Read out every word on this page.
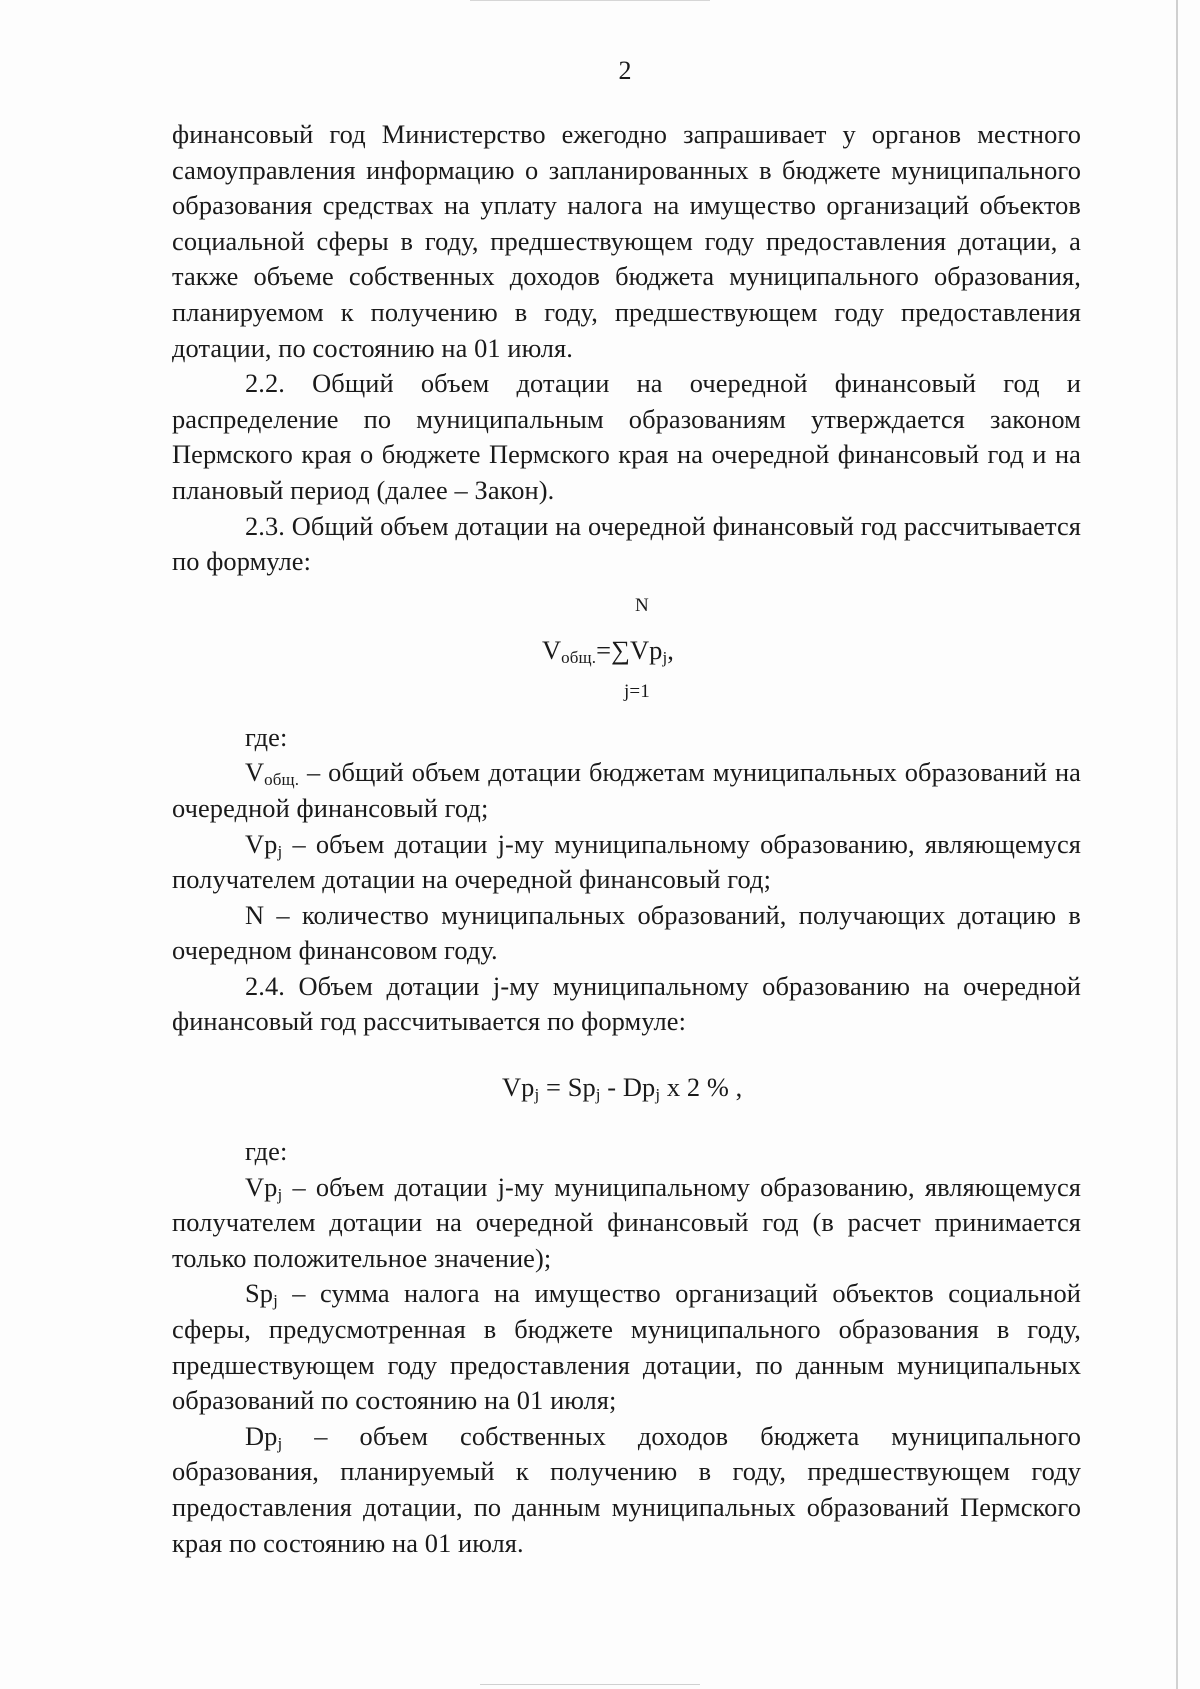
2

финансовый год Министерство ежегодно запрашивает у органов местного самоуправления информацию о запланированных в бюджете муниципального образования средствах на уплату налога на имущество организаций объектов социальной сферы в году, предшествующем году предоставления дотации, а также объеме собственных доходов бюджета муниципального образования, планируемом к получению в году, предшествующем году предоставления дотации, по состоянию на 01 июля.

2.2. Общий объем дотации на очередной финансовый год и распределение по муниципальным образованиям утверждается законом Пермского края о бюджете Пермского края на очередной финансовый год и на плановый период (далее – Закон).

2.3. Общий объем дотации на очередной финансовый год рассчитывается по формуле:

N
$V_{общ.}=\sum Vp_j$,
j=1

где:

$V_{общ.}$ – общий объем дотации бюджетам муниципальных образований на очередной финансовый год;

$Vp_j$ – объем дотации j-му муниципальному образованию, являющемуся получателем дотации на очередной финансовый год;

N – количество муниципальных образований, получающих дотацию в очередном финансовом году.

2.4. Объем дотации j-му муниципальному образованию на очередной финансовый год рассчитывается по формуле:

$Vp_j = Sp_j - Dp_j$ х 2 % ,

где:

$Vp_j$ – объем дотации j-му муниципальному образованию, являющемуся получателем дотации на очередной финансовый год (в расчет принимается только положительное значение);

$Sp_j$ – сумма налога на имущество организаций объектов социальной сферы, предусмотренная в бюджете муниципального образования в году, предшествующем году предоставления дотации, по данным муниципальных образований по состоянию на 01 июля;

$Dp_j$ – объем собственных доходов бюджета муниципального образования, планируемый к получению в году, предшествующем году предоставления дотации, по данным муниципальных образований Пермского края по состоянию на 01 июля.
